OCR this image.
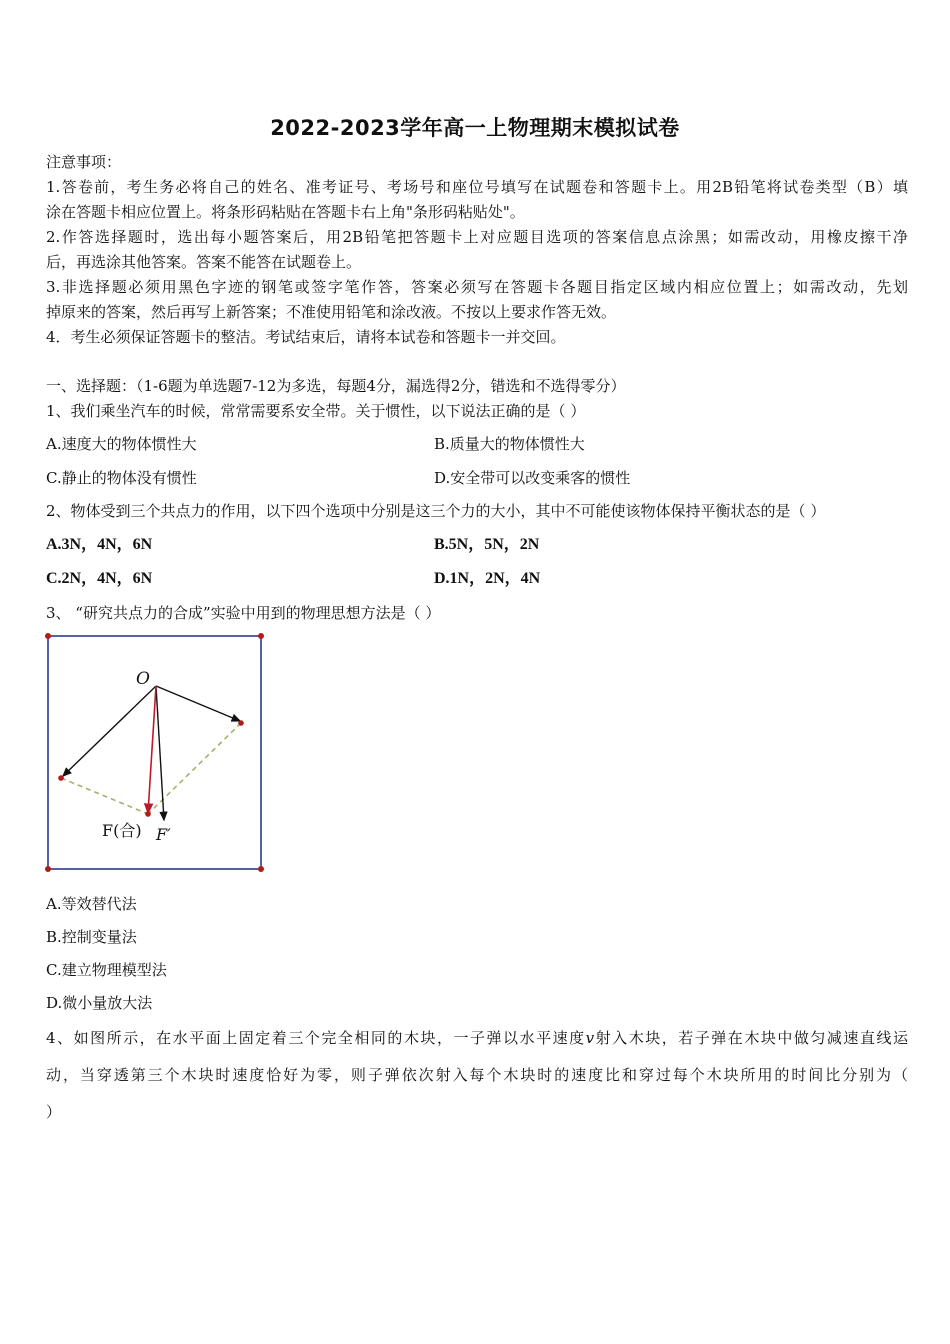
2022-2023学年高一上物理期末模拟试卷
注意事项：
1.答卷前，考生务必将自己的姓名、准考证号、考场号和座位号填写在试题卷和答题卡上。用2B铅笔将试卷类型（B）填
涂在答题卡相应位置上。将条形码粘贴在答题卡右上角"条形码粘贴处"。
2.作答选择题时，选出每小题答案后，用2B铅笔把答题卡上对应题目选项的答案信息点涂黑；如需改动，用橡皮擦干净
后，再选涂其他答案。答案不能答在试题卷上。
3.非选择题必须用黑色字迹的钢笔或签字笔作答，答案必须写在答题卡各题目指定区域内相应位置上；如需改动，先划
掉原来的答案，然后再写上新答案；不准使用铅笔和涂改液。不按以上要求作答无效。
4．考生必须保证答题卡的整洁。考试结束后，请将本试卷和答题卡一并交回。
一、选择题：（1-6题为单选题7-12为多选，每题4分，漏选得2分，错选和不选得零分）
1、我们乘坐汽车的时候，常常需要系安全带。关于惯性，以下说法正确的是（ ）
A.速度大的物体惯性大	B.质量大的物体惯性大
C.静止的物体没有惯性	D.安全带可以改变乘客的惯性
2、物体受到三个共点力的作用，以下四个选项中分别是这三个力的大小，其中不可能使该物体保持平衡状态的是（ ）
A.3N，4N，6N	B.5N，5N，2N
C.2N，4N，6N	D.1N，2N，4N
3、 “研究共点力的合成”实验中用到的物理思想方法是（ ）
O
F(合) F′
A.等效替代法
B.控制变量法
C.建立物理模型法
D.微小量放大法
4、如图所示，在水平面上固定着三个完全相同的木块，一子弹以水平速度v射入木块，若子弹在木块中做匀减速直线运
动，当穿透第三个木块时速度恰好为零，则子弹依次射入每个木块时的速度比和穿过每个木块所用的时间比分别为（
）
